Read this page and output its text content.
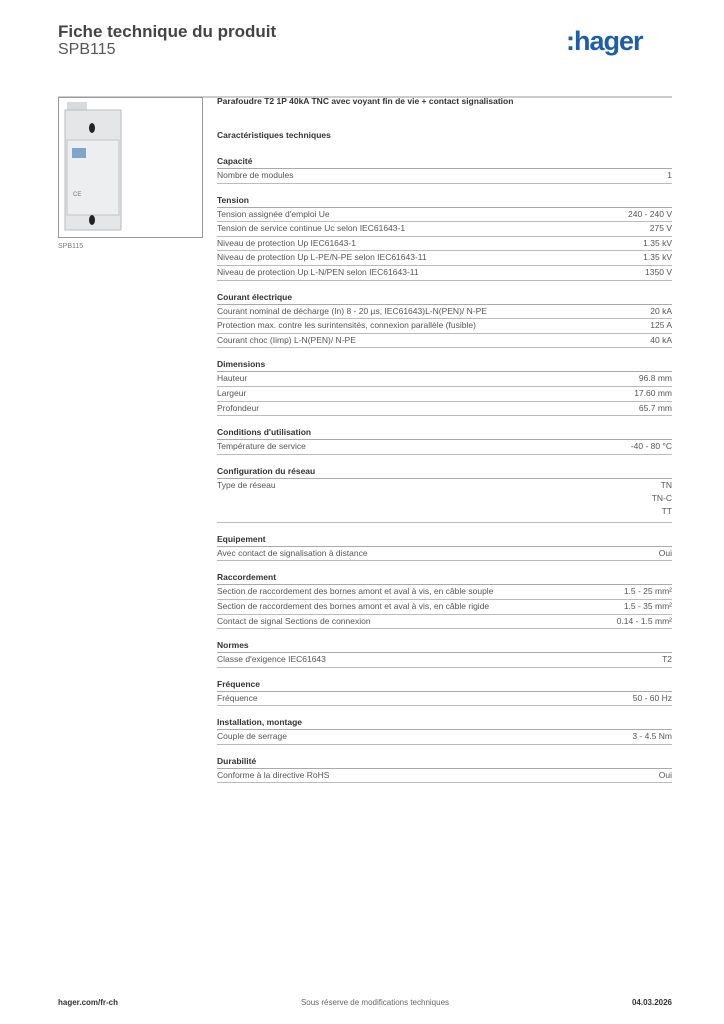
Fiche technique du produit
SPB115	:hager
CE
SPB115
Parafoudre T2 1P 40kA TNC avec voyant fin de vie + contact signalisation
Caractéristiques techniques
Capacité
Nombre de modules	1
Tension
Tension assignée d'emploi Ue	240 - 240 V
Tension de service continue Uc selon IEC61643-1	275 V
Niveau de protection Up IEC61643-1	1.35 kV
Niveau de protection Up L-PE/N-PE selon IEC61643-11	1.35 kV
Niveau de protection Up L-N/PEN selon IEC61643-11	1350 V
Courant électrique
Courant nominal de décharge (In) 8 - 20 µs, IEC61643)L-N(PEN)/ N-PE	20 kA
Protection max. contre les surintensités, connexion parallèle (fusible)	125 A
Courant choc (Iimp) L-N(PEN)/ N-PE	40 kA
Dimensions
Hauteur	96.8 mm
Largeur	17.60 mm
Profondeur	65.7 mm
Conditions d'utilisation
Température de service	-40 - 80 °C
Configuration du réseau
Type de réseau	TN
TN-C
TT
Equipement
Avec contact de signalisation à distance	Oui
Raccordement
Section de raccordement des bornes amont et aval à vis, en câble souple	1.5 - 25 mm²
Section de raccordement des bornes amont et aval à vis, en câble rigide	1.5 - 35 mm²
Contact de signal Sections de connexion	0.14 - 1.5 mm²
Normes
Classe d'exigence IEC61643	T2
Fréquence
Fréquence	50 - 60 Hz
Installation, montage
Couple de serrage	3 - 4.5 Nm
Durabilité
Conforme à la directive RoHS	Oui
hager.com/fr-ch	Sous réserve de modifications techniques	04.03.2026
